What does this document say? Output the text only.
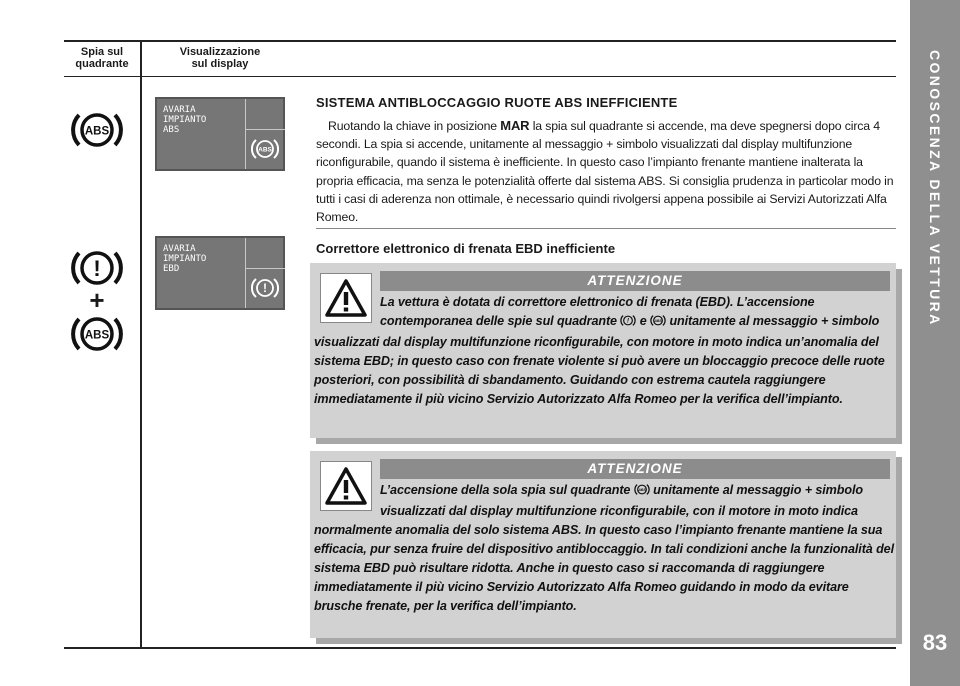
CONOSCENZA DELLA VETTURA
83
Spia sul
quadrante
Visualizzazione
sul display
ABS
!
+
ABS
AVARIA
IMPIANTO
ABS
ABS
AVARIA
IMPIANTO
EBD
!
SISTEMA ANTIBLOCCAGGIO RUOTE ABS INEFFICIENTE
Ruotando la chiave in posizione MAR la spia sul quadrante si accende, ma deve spegnersi dopo circa 4 secondi. La spia si accende, unitamente al messaggio + simbolo visualizzati dal display multifunzione riconfigurabile, quando il sistema è inefficiente. In questo caso l’impianto frenante mantiene inalterata la propria efficacia, ma senza le potenzialità offerte dal sistema ABS. Si consiglia prudenza in particolar modo in tutti i casi di aderenza non ottimale, è necessario quindi rivolgersi appena possibile ai Servizi Autorizzati Alfa Romeo.
Correttore elettronico di frenata EBD inefficiente
ATTENZIONE
La vettura è dotata di correttore elettronico di frenata (EBD). L’accensione contemporanea delle spie sul quadrante ! e ABS unitamente al messaggio + simbolo visualizzati dal display multifunzione riconfigurabile, con motore in moto indica un’anomalia del sistema EBD; in questo caso con frenate violente si può avere un bloccaggio precoce delle ruote posteriori, con possibilità di sbandamento. Guidando con estrema cautela raggiungere immediatamente il più vicino Servizio Autorizzato Alfa Romeo per la verifica dell’impianto.
ATTENZIONE
L’accensione della sola spia sul quadrante ABS unitamente al messaggio + simbolo visualizzati dal display multifunzione riconfigurabile, con il motore in moto indica normalmente anomalia del solo sistema ABS. In questo caso l’impianto frenante mantiene la sua efficacia, pur senza fruire del dispositivo antibloccaggio. In tali condizioni anche la funzionalità del sistema EBD può risultare ridotta. Anche in questo caso si raccomanda di raggiungere immediatamente il più vicino Servizio Autorizzato Alfa Romeo guidando in modo da evitare brusche frenate, per la verifica dell’impianto.
